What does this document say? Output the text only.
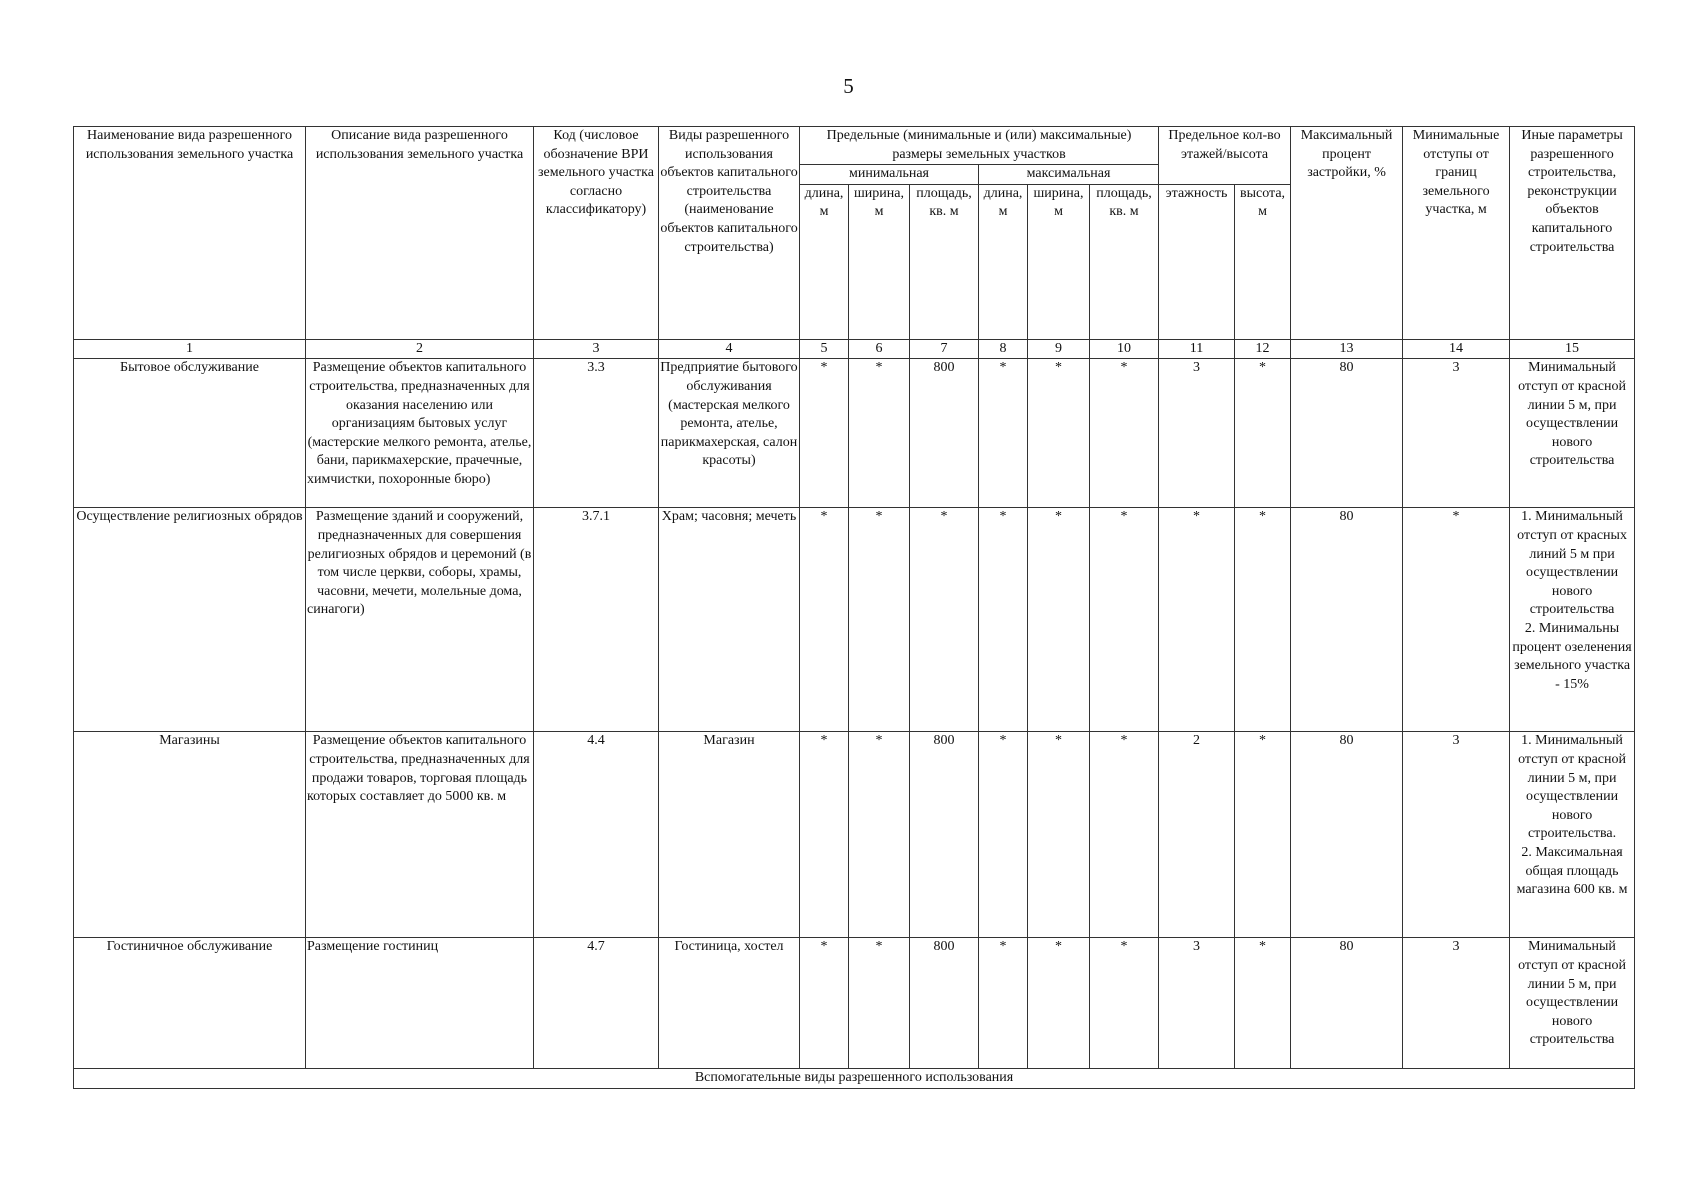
5
Наименование вида разрешенного использования земельного участка	Описание вида разрешенного использования земельного участка	Код (числовое обозначение ВРИ земельного участка согласно классификатору)	Виды разрешенного использования объектов капитального строительства (наименование объектов капитального строительства)	Предельные (минимальные и (или) максимальные) размеры земельных участков						Предельное кол-во этажей/высота		Максимальный процент застройки, %	Минимальные отступы от границ земельного участка, м	Иные параметры разрешенного строительства, реконструкции объектов капитального строительства
				минимальная			максимальная							
				длина, м	ширина, м	площадь, кв. м	длина, м	ширина, м	площадь, кв. м	этажность	высота, м			

1	2	3	4	5	6	7	8	9	10	11	12	13	14	15
Бытовое обслуживание	Размещение объектов капитального строительства, предназначенных для оказания населению или организациям бытовых услуг (мастерские мелкого ремонта, ателье, бани, парикмахерские, прачечные, химчистки, похоронные бюро)	3.3	Предприятие бытового обслуживания (мастерская мелкого ремонта, ателье, парикмахерская, салон красоты)	*	*	800	*	*	*	3	*	80	3	Минимальный отступ от красной линии 5 м, при осуществлении нового строительства
Осуществление религиозных обрядов	Размещение зданий и сооружений, предназначенных для совершения религиозных обрядов и церемоний (в том числе церкви, соборы, храмы, часовни, мечети, молельные дома, синагоги)	3.7.1	Храм; часовня; мечеть	*	*	*	*	*	*	*	*	80	*	1. Минимальный отступ от красных линий 5 м при осуществлении нового строительства
2. Минимальны процент озеленения земельного участка - 15%
Магазины	Размещение объектов капитального строительства, предназначенных для продажи товаров, торговая площадь которых составляет до 5000 кв. м	4.4	Магазин	*	*	800	*	*	*	2	*	80	3	1. Минимальный отступ от красной линии 5 м, при осуществлении нового строительства.
2. Максимальная общая площадь магазина 600 кв. м
Гостиничное обслуживание	Размещение гостиниц	4.7	Гостиница, хостел	*	*	800	*	*	*	3	*	80	3	Минимальный отступ от красной линии 5 м, при осуществлении нового строительства
Вспомогательные виды разрешенного использования														
